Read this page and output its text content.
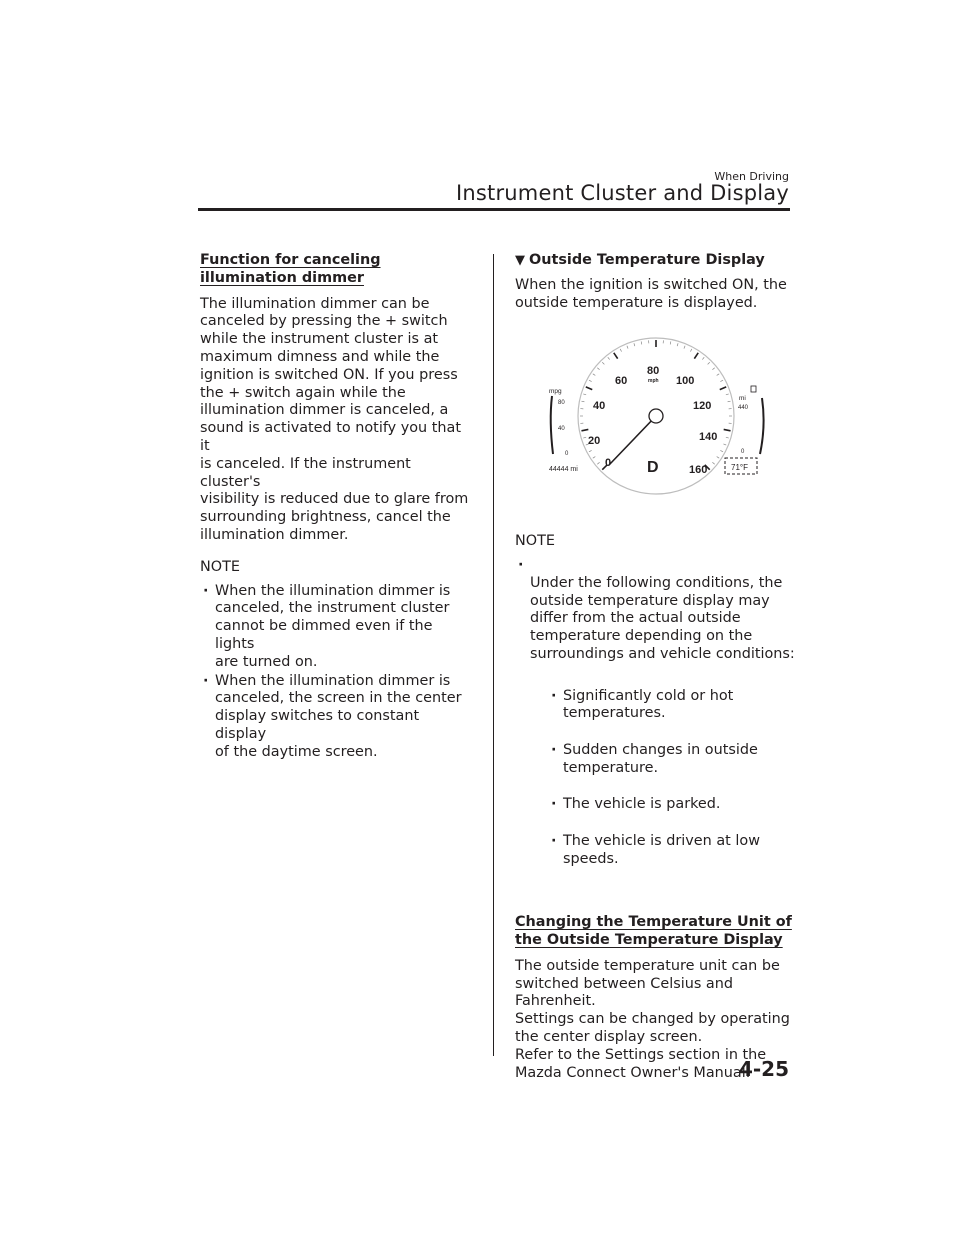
When Driving
Instrument Cluster and Display
Function for canceling illumination dimmer

The illumination dimmer can be
canceled by pressing the + switch
while the instrument cluster is at
maximum dimness and while the
ignition is switched ON. If you press
the + switch again while the
illumination dimmer is canceled, a
sound is activated to notify you that it
is canceled. If the instrument cluster's
visibility is reduced due to glare from
surrounding brightness, cancel the
illumination dimmer.

NOTE
· When the illumination dimmer is
canceled, the instrument cluster
cannot be dimmed even if the lights
are turned on.
· When the illumination dimmer is
canceled, the screen in the center
display switches to constant display
of the daytime screen.
▼ Outside Temperature Display

When the ignition is switched ON, the
outside temperature is displayed.

0
20
40
60
80
100
120
140
160
mph
mpg
80
40
0
mi
440
0
44444 mi	D	71°F
NOTE

· Under the following conditions, the
outside temperature display may
differ from the actual outside
temperature depending on the
surroundings and vehicle conditions:

· Significantly cold or hot
temperatures.

· Sudden changes in outside
temperature.

· The vehicle is parked.

· The vehicle is driven at low speeds.

Changing the Temperature Unit of the Outside Temperature Display

The outside temperature unit can be
switched between Celsius and
Fahrenheit.
Settings can be changed by operating
the center display screen.
Refer to the Settings section in the
Mazda Connect Owner's Manual.

4-25
